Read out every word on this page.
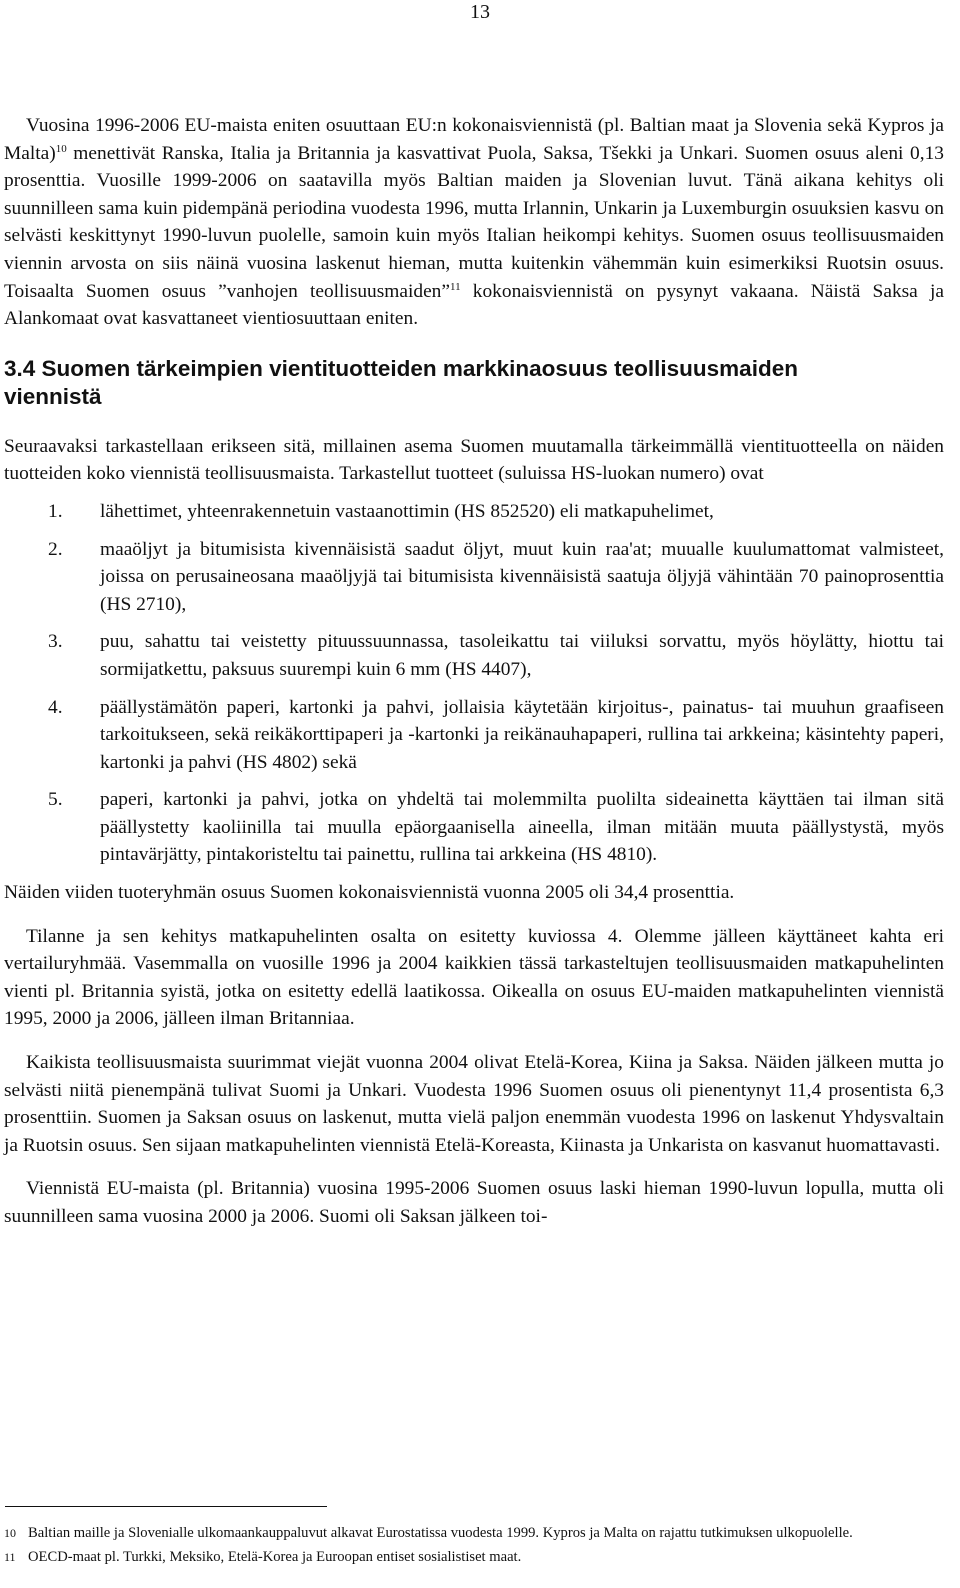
13

Vuosina 1996-2006 EU-maista eniten osuuttaan EU:n kokonaisviennistä (pl. Baltian maat ja Slovenia sekä Kypros ja Malta)$^{10}$ menettivät Ranska, Italia ja Britannia ja kasvattivat Puola, Saksa, Tšekki ja Unkari. Suomen osuus aleni 0,13 prosenttia. Vuosille 1999-2006 on saatavilla myös Baltian maiden ja Slovenian luvut. Tänä aikana kehitys oli suunnilleen sama kuin pidempänä periodina vuodesta 1996, mutta Irlannin, Unkarin ja Luxemburgin osuuksien kasvu on selvästi keskittynyt 1990-luvun puolelle, samoin kuin myös Italian heikompi kehitys. Suomen osuus teollisuusmaiden viennin arvosta on siis näinä vuosina laskenut hieman, mutta kuitenkin vähemmän kuin esimerkiksi Ruotsin osuus. Toisaalta Suomen osuus ”vanhojen teollisuusmaiden”$^{11}$ kokonaisviennistä on pysynyt vakaana. Näistä Saksa ja Alankomaat ovat kasvattaneet vientiosuuttaan eniten.

3.4 Suomen tärkeimpien vientituotteiden markkinaosuus teollisuusmaiden
viennistä

Seuraavaksi tarkastellaan erikseen sitä, millainen asema Suomen muutamalla tärkeimmällä vientituotteella on näiden tuotteiden koko viennistä teollisuusmaista. Tarkastellut tuotteet (suluissa HS-luokan numero) ovat

1.	lähettimet, yhteenrakennetuin vastaanottimin (HS 852520) eli matkapuhelimet,
2.	maaöljyt ja bitumisista kivennäisistä saadut öljyt, muut kuin raa'at; muualle kuulumattomat valmisteet, joissa on perusaineosana maaöljyjä tai bitumisista kivennäisistä saatuja öljyjä vähintään 70 painoprosenttia (HS 2710),
3.	puu, sahattu tai veistetty pituussuunnassa, tasoleikattu tai viiluksi sorvattu, myös höylätty, hiottu tai sormijatkettu, paksuus suurempi kuin 6 mm (HS 4407),
4.	päällystämätön paperi, kartonki ja pahvi, jollaisia käytetään kirjoitus-, painatus- tai muuhun graafiseen tarkoitukseen, sekä reikäkorttipaperi ja -kartonki ja reikänauhapaperi, rullina tai arkkeina; käsintehty paperi, kartonki ja pahvi (HS 4802) sekä
5.	paperi, kartonki ja pahvi, jotka on yhdeltä tai molemmilta puolilta sideainetta käyttäen tai ilman sitä päällystetty kaoliinilla tai muulla epäorgaanisella aineella, ilman mitään muuta päällystystä, myös pintavärjätty, pintakoristeltu tai painettu, rullina tai arkkeina (HS 4810).

Näiden viiden tuoteryhmän osuus Suomen kokonaisviennistä vuonna 2005 oli 34,4 prosenttia.

Tilanne ja sen kehitys matkapuhelinten osalta on esitetty kuviossa 4. Olemme jälleen käyttäneet kahta eri vertailuryhmää. Vasemmalla on vuosille 1996 ja 2004 kaikkien tässä tarkasteltujen teollisuusmaiden matkapuhelinten vienti pl. Britannia syistä, jotka on esitetty edellä laatikossa. Oikealla on osuus EU-maiden matkapuhelinten viennistä 1995, 2000 ja 2006, jälleen ilman Britanniaa.

Kaikista teollisuusmaista suurimmat viejät vuonna 2004 olivat Etelä-Korea, Kiina ja Saksa. Näiden jälkeen mutta jo selvästi niitä pienempänä tulivat Suomi ja Unkari. Vuodesta 1996 Suomen osuus oli pienentynyt 11,4 prosentista 6,3 prosenttiin. Suomen ja Saksan osuus on laskenut, mutta vielä paljon enemmän vuodesta 1996 on laskenut Yhdysvaltain ja Ruotsin osuus. Sen sijaan matkapuhelinten viennistä Etelä-Koreasta, Kiinasta ja Unkarista on kasvanut huomattavasti.

Viennistä EU-maista (pl. Britannia) vuosina 1995-2006 Suomen osuus laski hieman 1990-luvun lopulla, mutta oli suunnilleen sama vuosina 2000 ja 2006. Suomi oli Saksan jälkeen toi-

10 Baltian maille ja Slovenialle ulkomaankauppaluvut alkavat Eurostatissa vuodesta 1999. Kypros ja Malta on rajattu tutkimuksen ulkopuolelle.
11 OECD-maat pl. Turkki, Meksiko, Etelä-Korea ja Euroopan entiset sosialistiset maat.
